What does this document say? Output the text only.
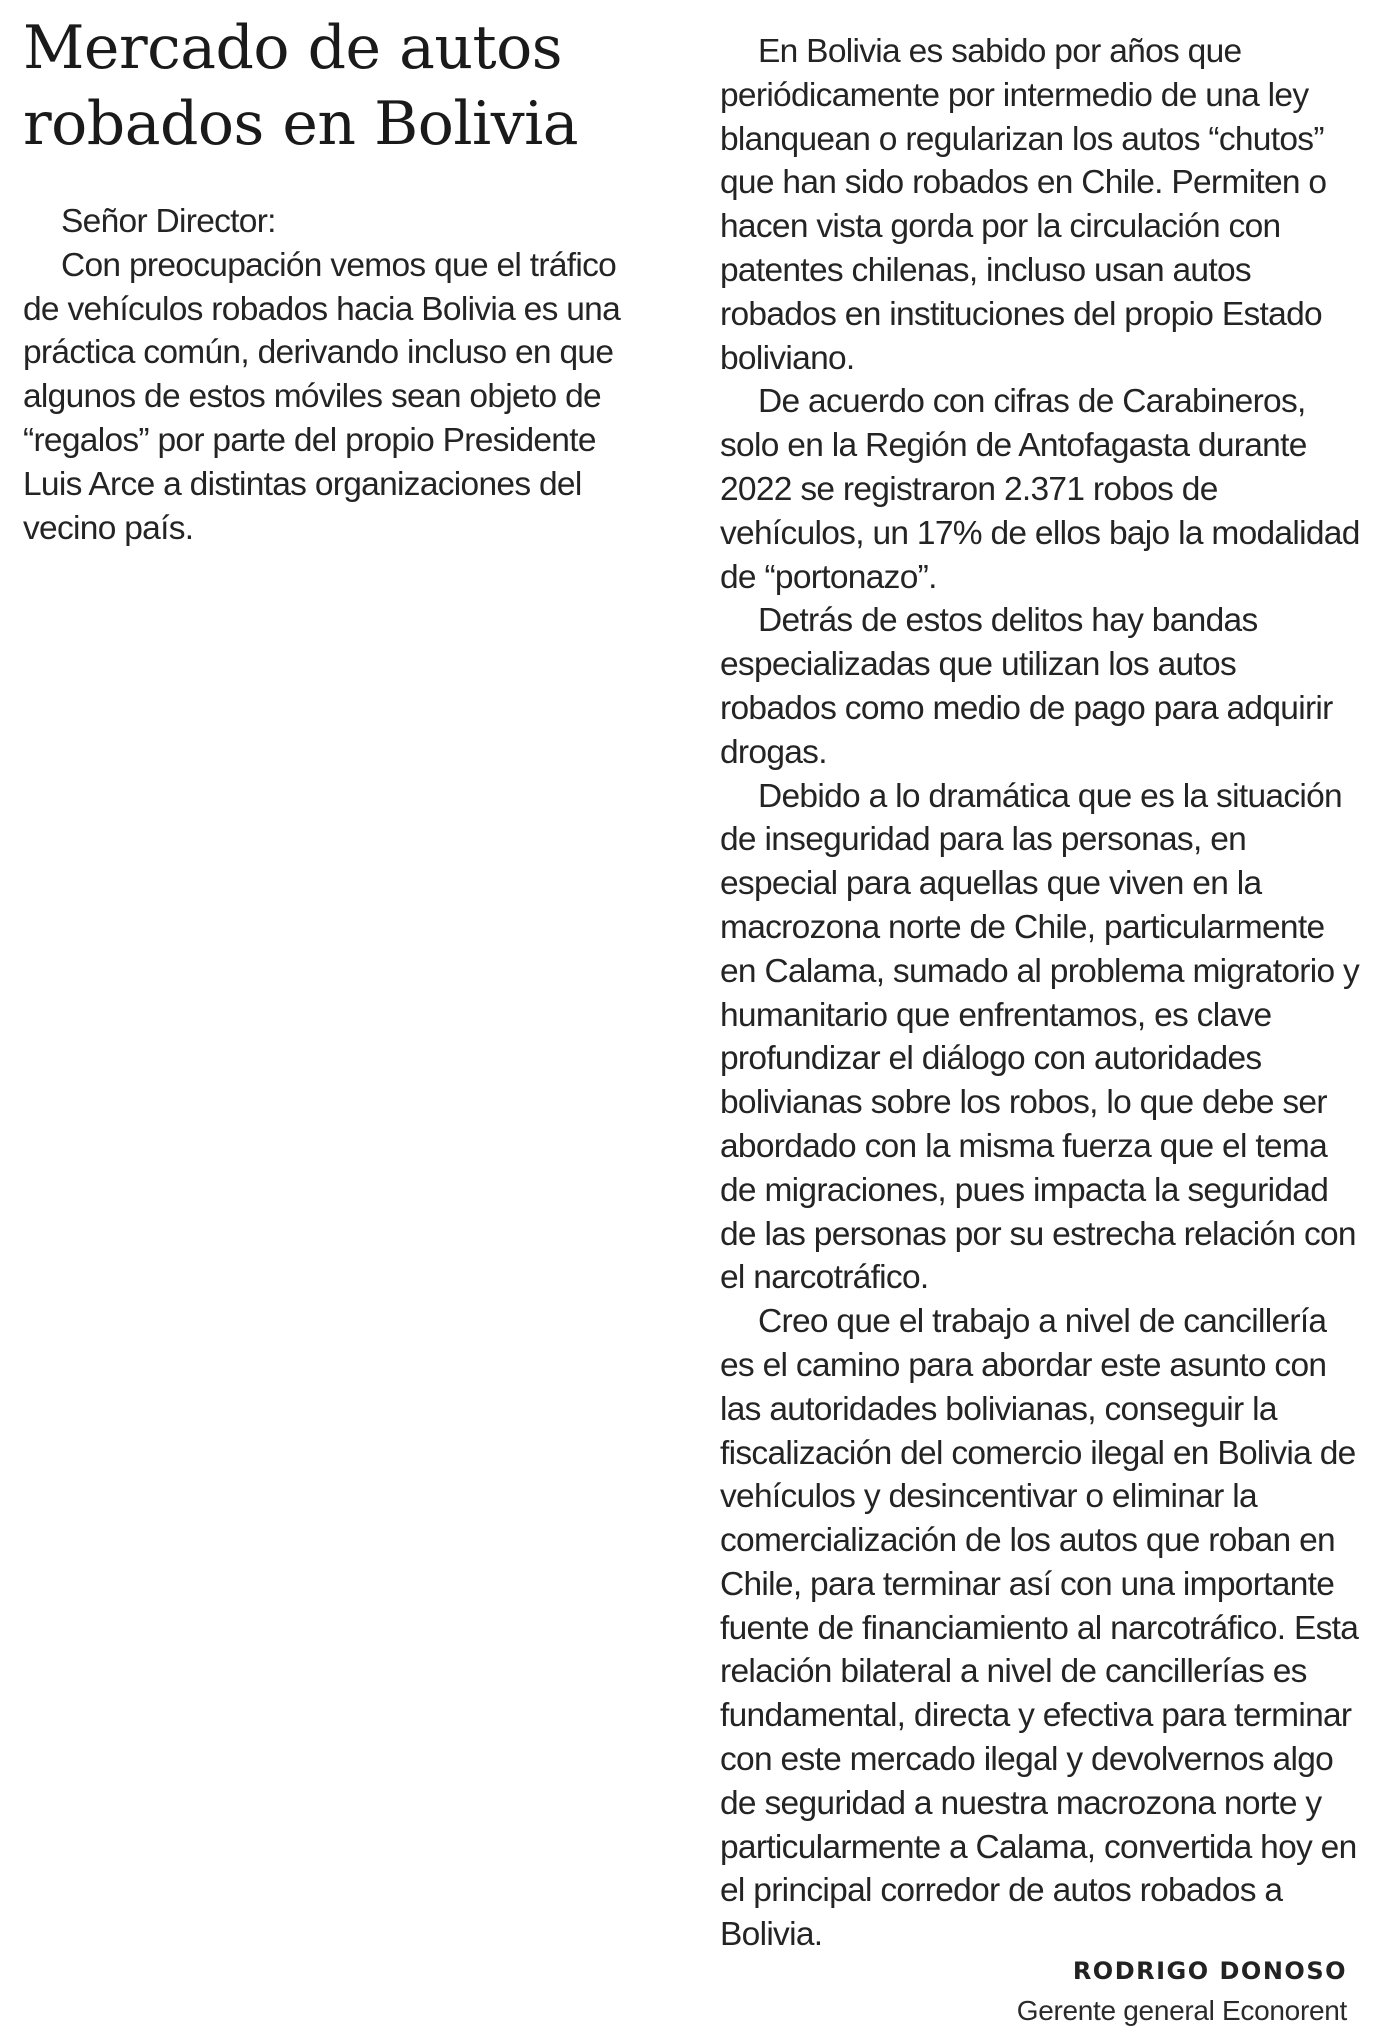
Mercado de autos robados en Bolivia

Señor Director:

Con preocupación vemos que el tráfico de vehículos robados hacia Bolivia es una práctica común, derivando incluso en que algunos de estos móviles sean objeto de “regalos” por parte del propio Presidente Luis Arce a distintas organizaciones del vecino país.

En Bolivia es sabido por años que periódicamente por intermedio de una ley blanquean o regularizan los autos “chutos” que han sido robados en Chile. Permiten o hacen vista gorda por la circulación con patentes chilenas, incluso usan autos robados en instituciones del propio Estado boliviano.

De acuerdo con cifras de Carabineros, solo en la Región de Antofagasta durante 2022 se registraron 2.371 robos de vehículos, un 17% de ellos bajo la modalidad de “portonazo”.

Detrás de estos delitos hay bandas especializadas que utilizan los autos robados como medio de pago para adquirir drogas.

Debido a lo dramática que es la situación de inseguridad para las personas, en especial para aquellas que viven en la macrozona norte de Chile, particularmente en Calama, sumado al problema migratorio y humanitario que enfrentamos, es clave profundizar el diálogo con autoridades bolivianas sobre los robos, lo que debe ser abordado con la misma fuerza que el tema de migraciones, pues impacta la seguridad de las personas por su estrecha relación con el narcotráfico.

Creo que el trabajo a nivel de cancillería es el camino para abordar este asunto con las autoridades bolivianas, conseguir la fiscalización del comercio ilegal en Bolivia de vehículos y desincentivar o eliminar la comercialización de los autos que roban en Chile, para terminar así con una importante fuente de financiamiento al narcotráfico. Esta relación bilateral a nivel de cancillerías es fundamental, directa y efectiva para terminar con este mercado ilegal y devolvernos algo de seguridad a nuestra macrozona norte y particularmente a Calama, convertida hoy en el principal corredor de autos robados a Bolivia.

RODRIGO DONOSO
Gerente general Econorent
